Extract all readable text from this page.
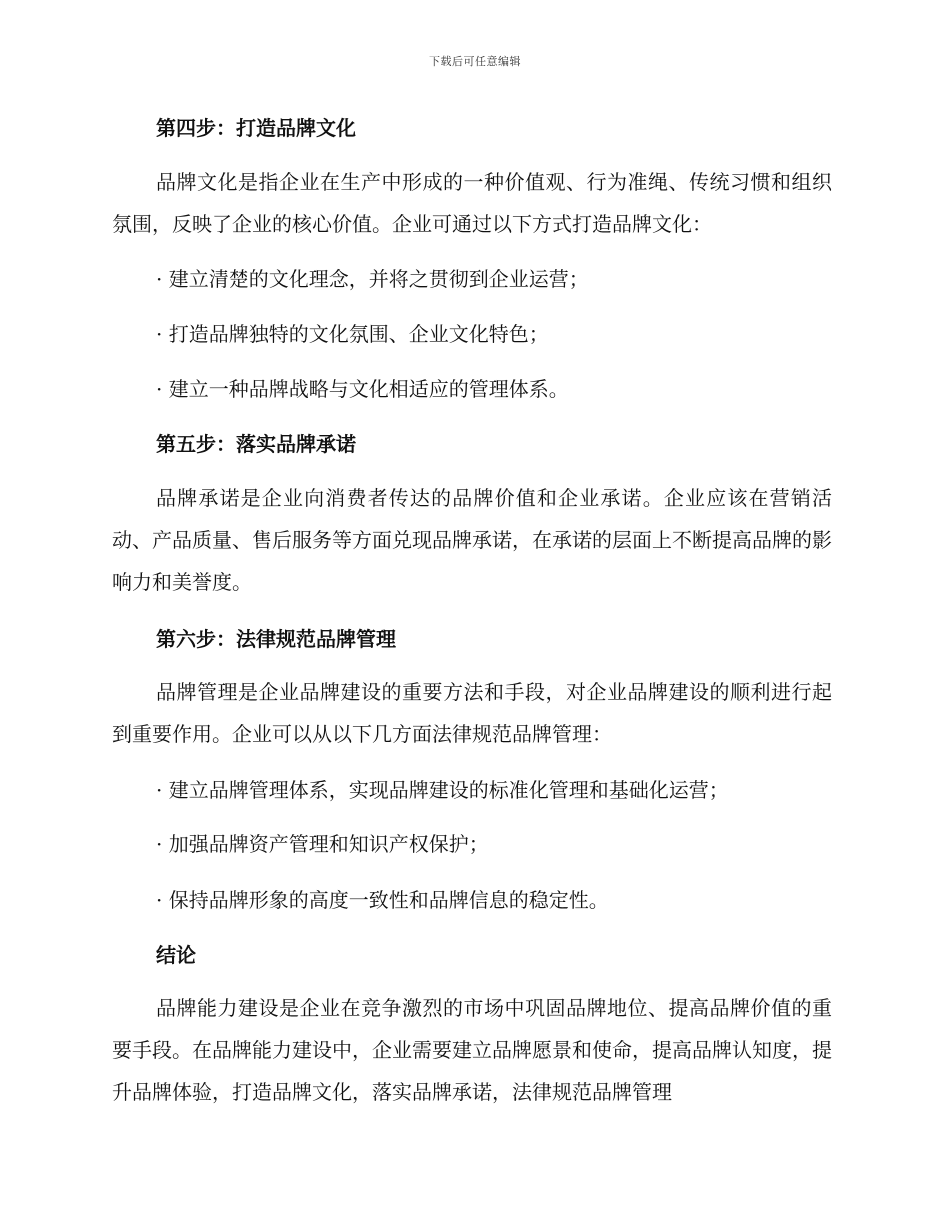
下载后可任意编辑
第四步：打造品牌文化
品牌文化是指企业在生产中形成的一种价值观、行为准绳、传统习惯和组织氛围，反映了企业的核心价值。企业可通过以下方式打造品牌文化：
· 建立清楚的文化理念，并将之贯彻到企业运营；
· 打造品牌独特的文化氛围、企业文化特色；
· 建立一种品牌战略与文化相适应的管理体系。
第五步：落实品牌承诺
品牌承诺是企业向消费者传达的品牌价值和企业承诺。企业应该在营销活动、产品质量、售后服务等方面兑现品牌承诺，在承诺的层面上不断提高品牌的影响力和美誉度。
第六步：法律规范品牌管理
品牌管理是企业品牌建设的重要方法和手段，对企业品牌建设的顺利进行起到重要作用。企业可以从以下几方面法律规范品牌管理：
· 建立品牌管理体系，实现品牌建设的标准化管理和基础化运营；
· 加强品牌资产管理和知识产权保护；
· 保持品牌形象的高度一致性和品牌信息的稳定性。
结论
品牌能力建设是企业在竞争激烈的市场中巩固品牌地位、提高品牌价值的重要手段。在品牌能力建设中，企业需要建立品牌愿景和使命，提高品牌认知度，提升品牌体验，打造品牌文化，落实品牌承诺，法律规范品牌管理
